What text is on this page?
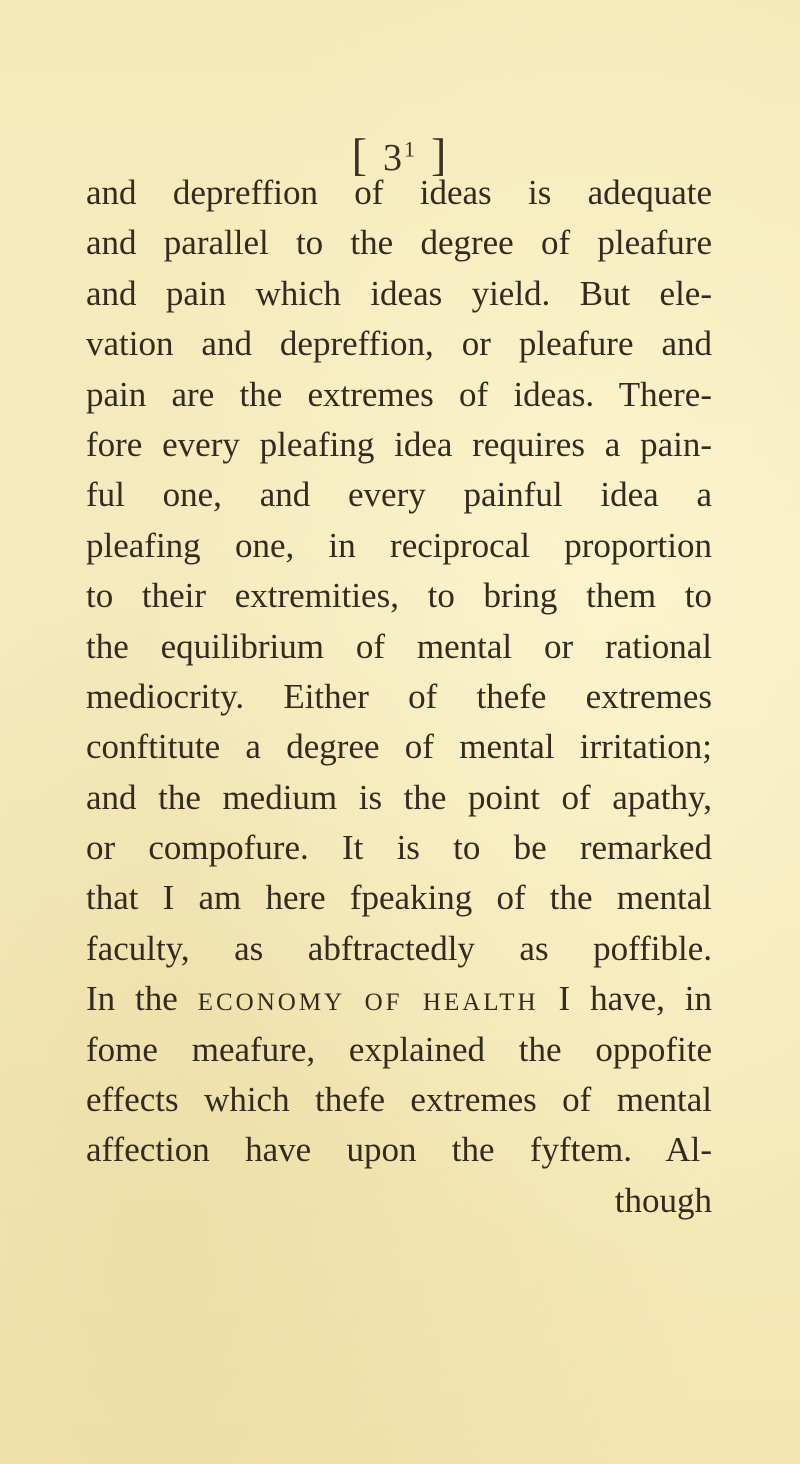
[ $3^1$ ]
and depreffion of ideas is adequate
and parallel to the degree of pleafure
and pain which ideas yield. But ele-
vation and depreffion, or pleafure and
pain are the extremes of ideas. There-
fore every pleafing idea requires a pain-
ful one, and every painful idea a
pleafing one, in reciprocal proportion
to their extremities, to bring them to
the equilibrium of mental or rational
mediocrity. Either of thefe extremes
conftitute a degree of mental irritation;
and the medium is the point of apathy,
or compofure. It is to be remarked
that I am here fpeaking of the mental
faculty, as abftractedly as poffible.
In the ECONOMY OF HEALTH I have, in
fome meafure, explained the oppofite
effects which thefe extremes of mental
affection have upon the fyftem. Al-
though
